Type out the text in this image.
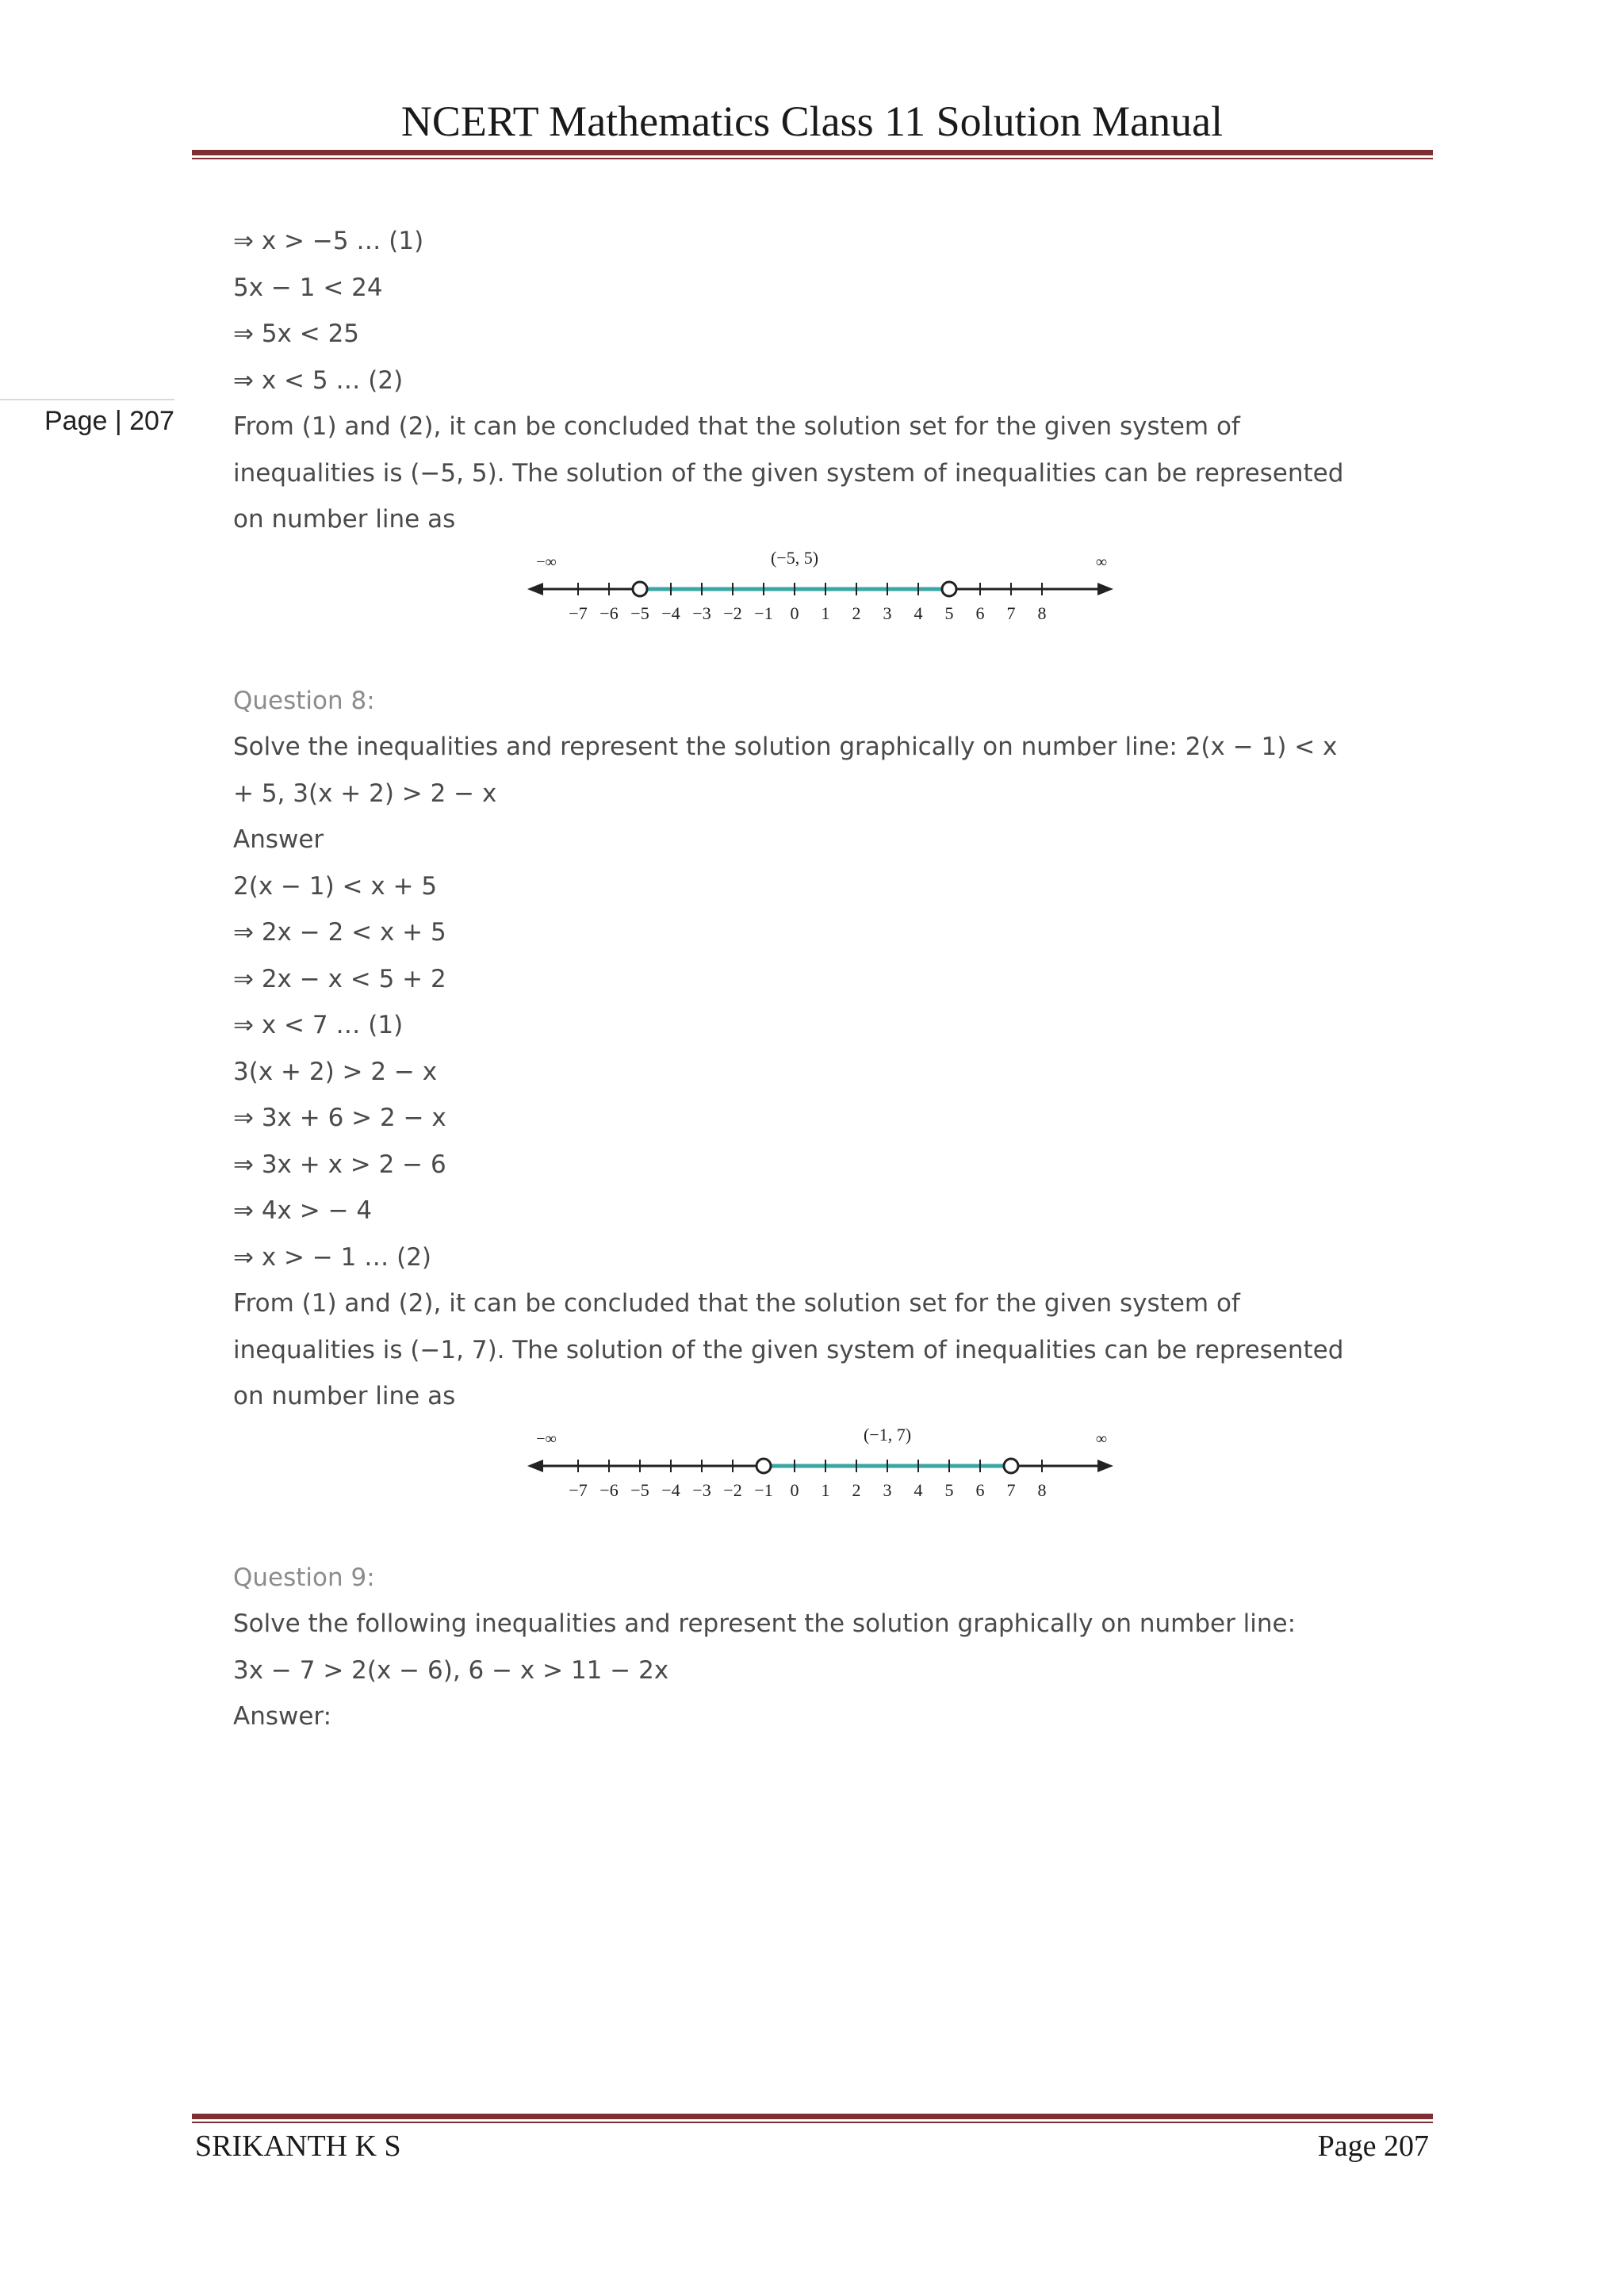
NCERT Mathematics Class 11 Solution Manual
Page | 207
⇒ x > −5 … (1)
5x − 1 < 24
⇒ 5x < 25
⇒ x < 5 … (2)
From (1) and (2), it can be concluded that the solution set for the given system of
inequalities is (−5, 5). The solution of the given system of inequalities can be represented
on number line as
−7 −6 −5 −4 −3 −2 −1 0 1 2 3 4 5 6 7 8
−∞	∞
(−5, 5)
Question 8:
Solve the inequalities and represent the solution graphically on number line: 2(x − 1) < x
+ 5, 3(x + 2) > 2 − x
Answer
2(x − 1) < x + 5
⇒ 2x − 2 < x + 5
⇒ 2x − x < 5 + 2
⇒ x < 7 … (1)
3(x + 2) > 2 − x
⇒ 3x + 6 > 2 − x
⇒ 3x + x > 2 − 6
⇒ 4x > − 4
⇒ x > − 1 … (2)
From (1) and (2), it can be concluded that the solution set for the given system of
inequalities is (−1, 7). The solution of the given system of inequalities can be represented
on number line as
−7 −6 −5 −4 −3 −2 −1 0 1 2 3 4 5 6 7 8
−∞	∞
(−1, 7)
Question 9:
Solve the following inequalities and represent the solution graphically on number line:
3x − 7 > 2(x − 6), 6 − x > 11 − 2x
Answer:
SRIKANTH K S	Page 207
